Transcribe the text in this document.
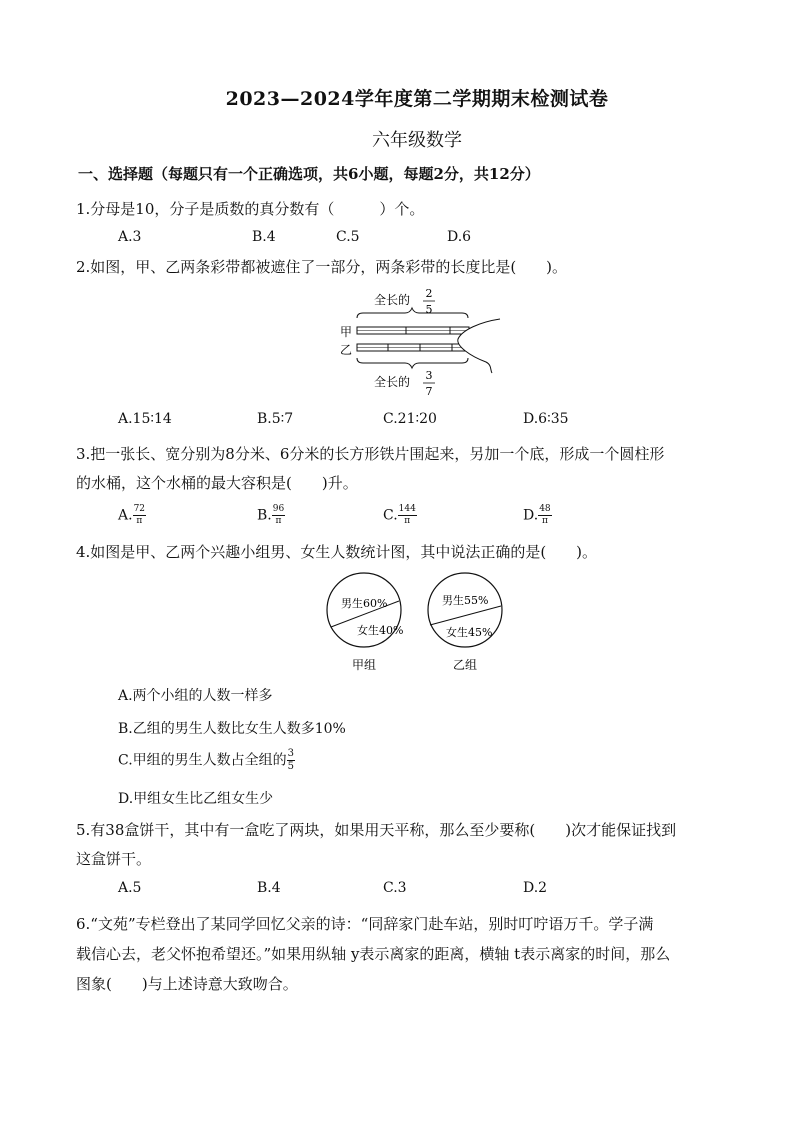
2023—2024学年度第二学期期末检测试卷
六年级数学
一、选择题（每题只有一个正确选项，共6小题，每题2分，共12分）
1.分母是10，分子是质数的真分数有（　　　）个。
A.3	B.4	C.5	D.6
2.如图，甲、乙两条彩带都被遮住了一部分，两条彩带的长度比是(　　)。
全长的 2
5
甲
乙
全长的 3
7
A.15∶14	B.5∶7	C.21∶20	D.6∶35
3.把一张长、宽分别为8分米、6分米的长方形铁片围起来，另加一个底，形成一个圆柱形
的水桶，这个水桶的最大容积是(　　)升。
A. $\frac{72}{\pi}$	B. $\frac{96}{\pi}$	C. $\frac{144}{\pi}$	D. $\frac{48}{\pi}$
4.如图是甲、乙两个兴趣小组男、女生人数统计图，其中说法正确的是(　　)。
男生60%
女生40%
甲组
男生55%
女生45%
乙组
A.两个小组的人数一样多
B.乙组的男生人数比女生人数多10%
C.甲组的男生人数占全组的 $\frac{3}{5}$
D.甲组女生比乙组女生少
5.有38盒饼干，其中有一盒吃了两块，如果用天平称，那么至少要称(　　)次才能保证找到
这盒饼干。
A.5	B.4	C.3	D.2
6.“文苑”专栏登出了某同学回忆父亲的诗：“同辞家门赴车站，别时叮咛语万千。学子满
载信心去，老父怀抱希望还。”如果用纵轴 y表示离家的距离，横轴 t表示离家的时间，那么
图象(　　)与上述诗意大致吻合。
